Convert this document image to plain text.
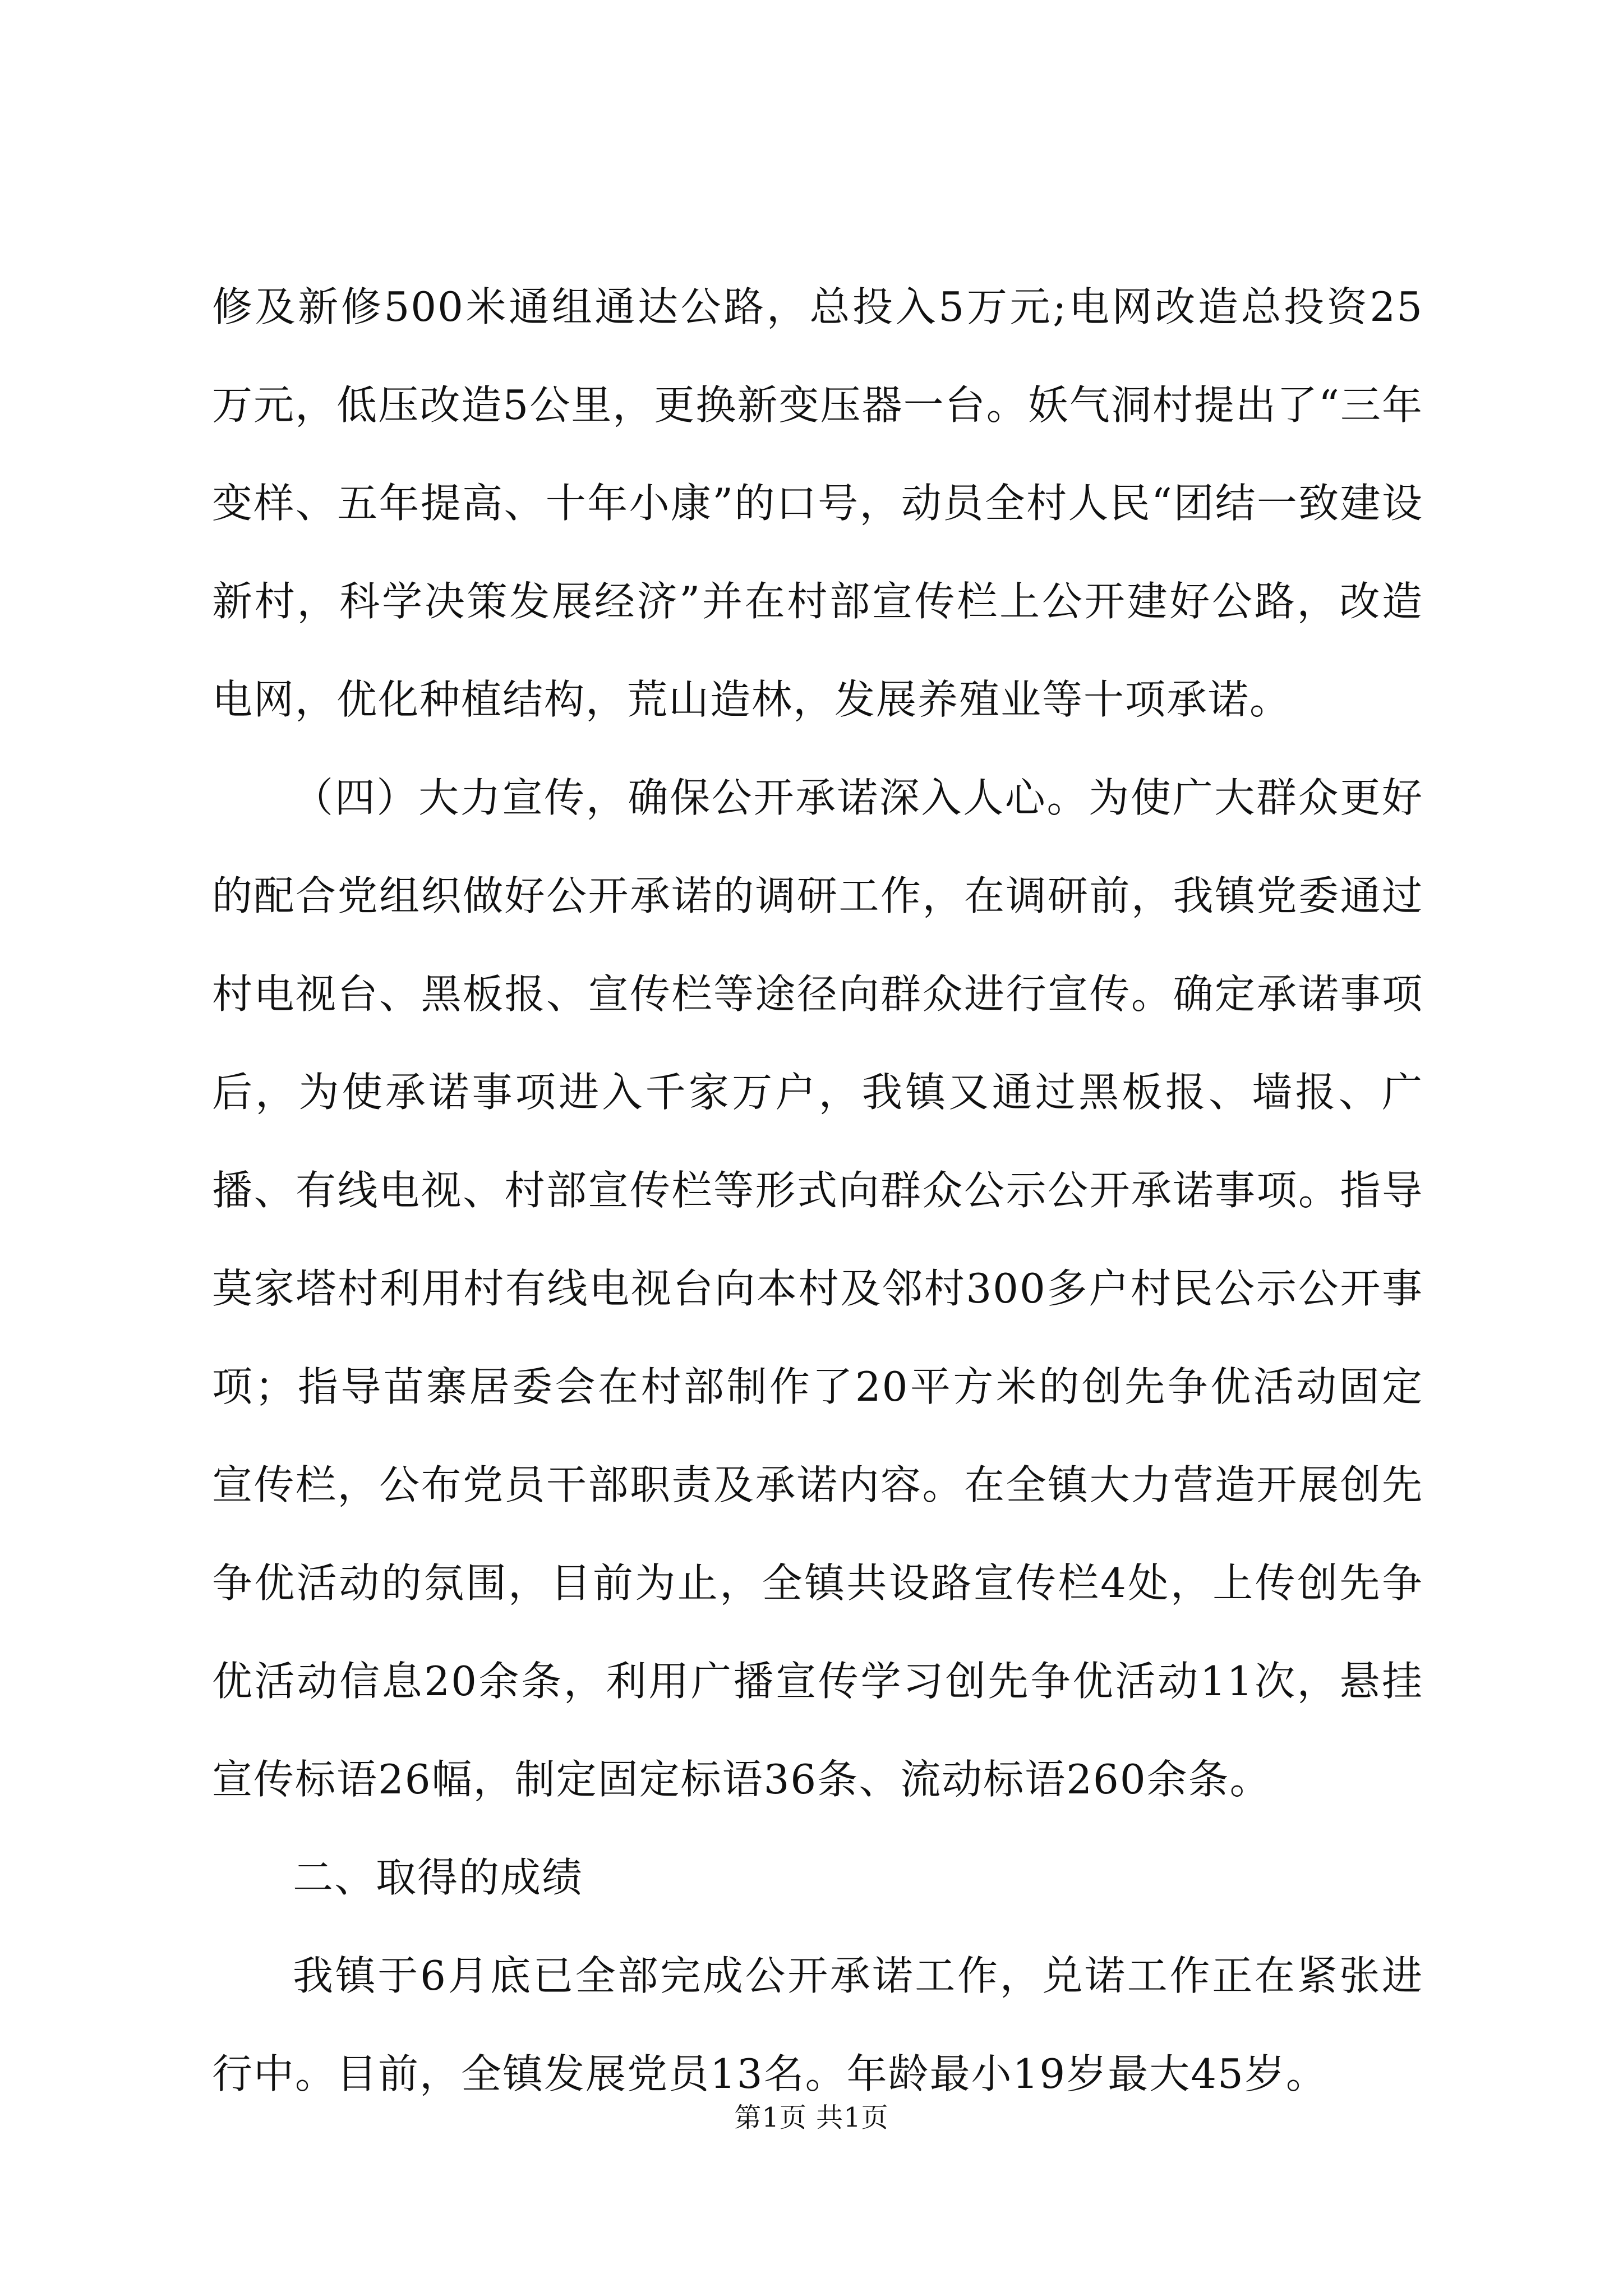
修及新修500米通组通达公路，总投入5万元;电网改造总投资25万元，低压改造5公里，更换新变压器一台。妖气洞村提出了“三年变样、五年提高、十年小康”的口号，动员全村人民“团结一致建设新村，科学决策发展经济”并在村部宣传栏上公开建好公路，改造电网，优化种植结构，荒山造林，发展养殖业等十项承诺。

（四）大力宣传，确保公开承诺深入人心。为使广大群众更好的配合党组织做好公开承诺的调研工作，在调研前，我镇党委通过村电视台、黑板报、宣传栏等途径向群众进行宣传。确定承诺事项后，为使承诺事项进入千家万户，我镇又通过黑板报、墙报、广播、有线电视、村部宣传栏等形式向群众公示公开承诺事项。指导莫家塔村利用村有线电视台向本村及邻村300多户村民公示公开事项；指导苗寨居委会在村部制作了20平方米的创先争优活动固定宣传栏，公布党员干部职责及承诺内容。在全镇大力营造开展创先争优活动的氛围，目前为止，全镇共设路宣传栏4处，上传创先争优活动信息20余条，利用广播宣传学习创先争优活动11次，悬挂宣传标语26幅，制定固定标语36条、流动标语260余条。

二、取得的成绩

我镇于6月底已全部完成公开承诺工作，兑诺工作正在紧张进行中。目前，全镇发展党员13名。年龄最小19岁最大45岁。

第1页 共1页
